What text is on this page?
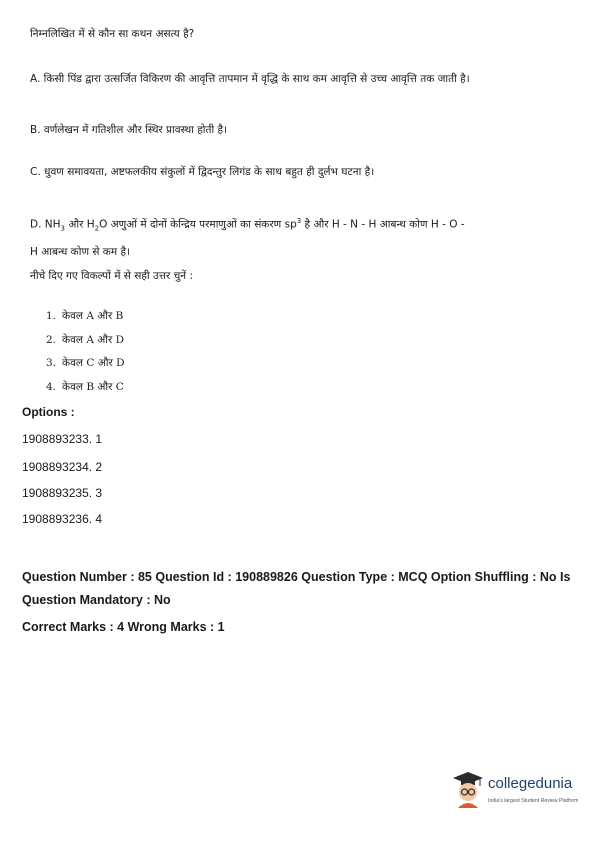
निम्नलिखित में से कौन सा कथन असत्य है?
A. किसी पिंड द्वारा उत्सर्जित विकिरण की आवृत्ति तापमान में वृद्धि के साथ कम आवृत्ति से उच्च आवृत्ति तक जाती है।
B. वर्णलेखन में गतिशील और स्थिर प्रावस्था होती है।
C. धुवण समावयता, अष्टफलकीय संकुलों में द्विदन्तुर लिगंड के साथ बहुत ही दुर्लभ घटना है।
D. $NH_3$ और $H_2O$ अणुओं में दोनों केन्द्रिय परमाणुओं का संकरण $sp^3$ है और H - N - H आबन्ध कोण H - O - H आबन्ध कोण से कम है।
नीचे दिए गए विकल्पों में से सही उत्तर चुनें :
1. केवल A और B
2. केवल A और D
3. केवल C और D
4. केवल B और C
Options :
1908893233. 1
1908893234. 2
1908893235. 3
1908893236. 4
Question Number : 85 Question Id : 190889826 Question Type : MCQ Option Shuffling : No Is
Question Mandatory : No
Correct Marks : 4 Wrong Marks : 1
collegedunia
India's largest Student Review Platform
